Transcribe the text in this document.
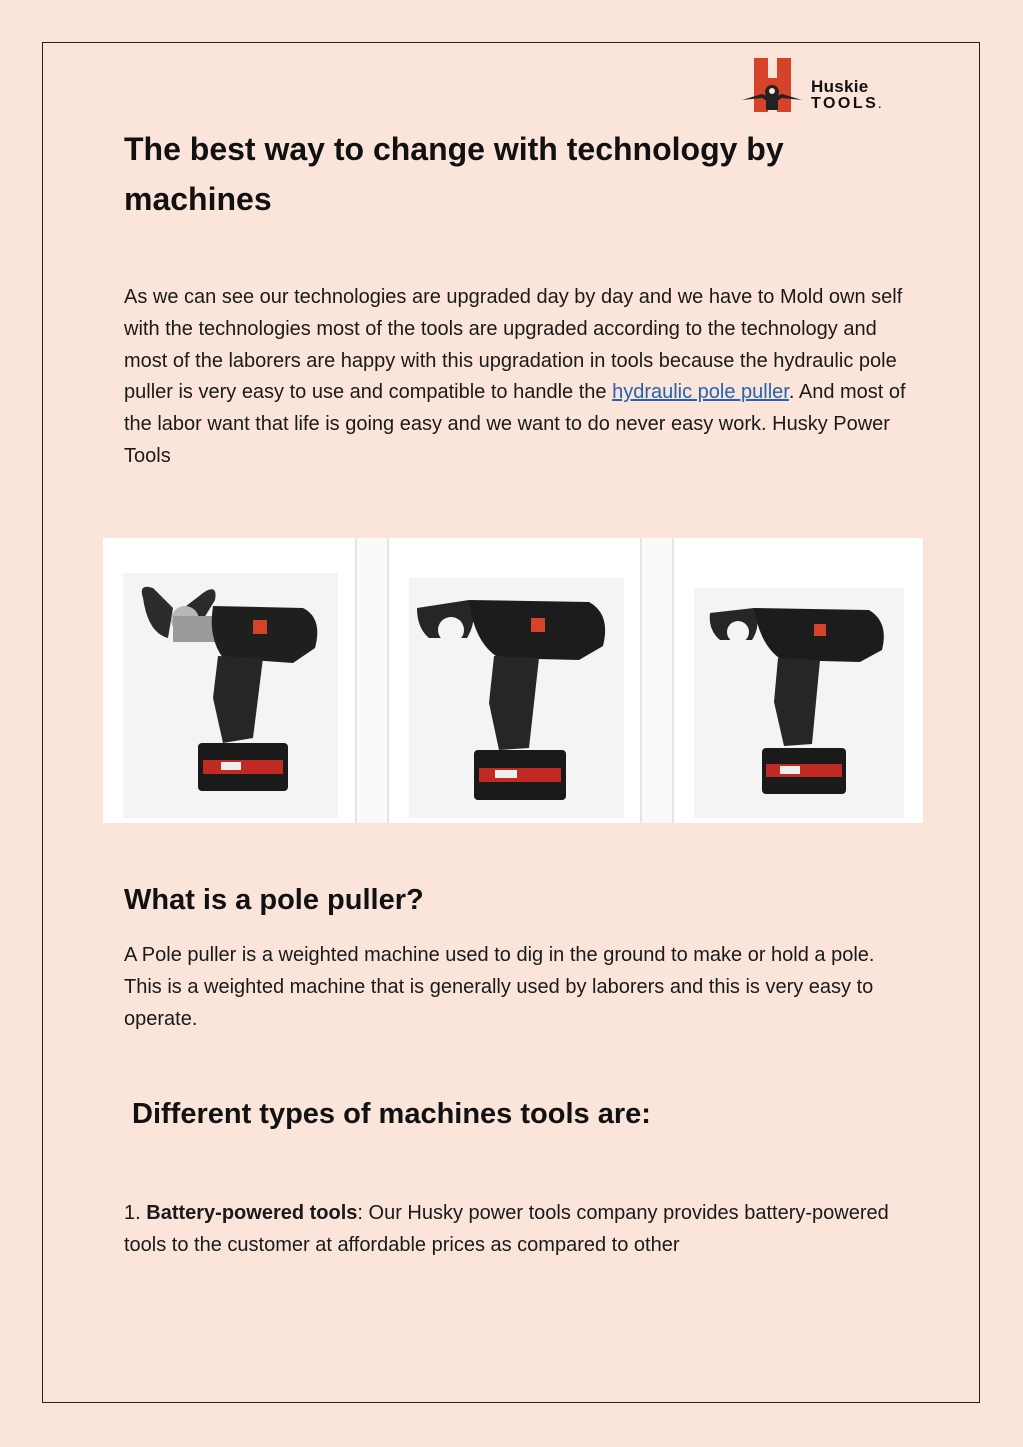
Huskie
TOOLS.
The best way to change with technology by machines

As we can see our technologies are upgraded day by day and we have to Mold own self with the technologies most of the tools are upgraded according to the technology and most of the laborers are happy with this upgradation in tools because the hydraulic pole puller is very easy to use and compatible to handle the hydraulic pole puller. And most of the labor want that life is going easy and we want to do never easy work. Husky Power Tools

What is a pole puller?

A Pole puller is a weighted machine used to dig in the ground to make or hold a pole. This is a weighted machine that is generally used by laborers and this is very easy to operate.

Different types of machines tools are:

1. Battery-powered tools: Our Husky power tools company provides battery-powered tools to the customer at affordable prices as compared to other
